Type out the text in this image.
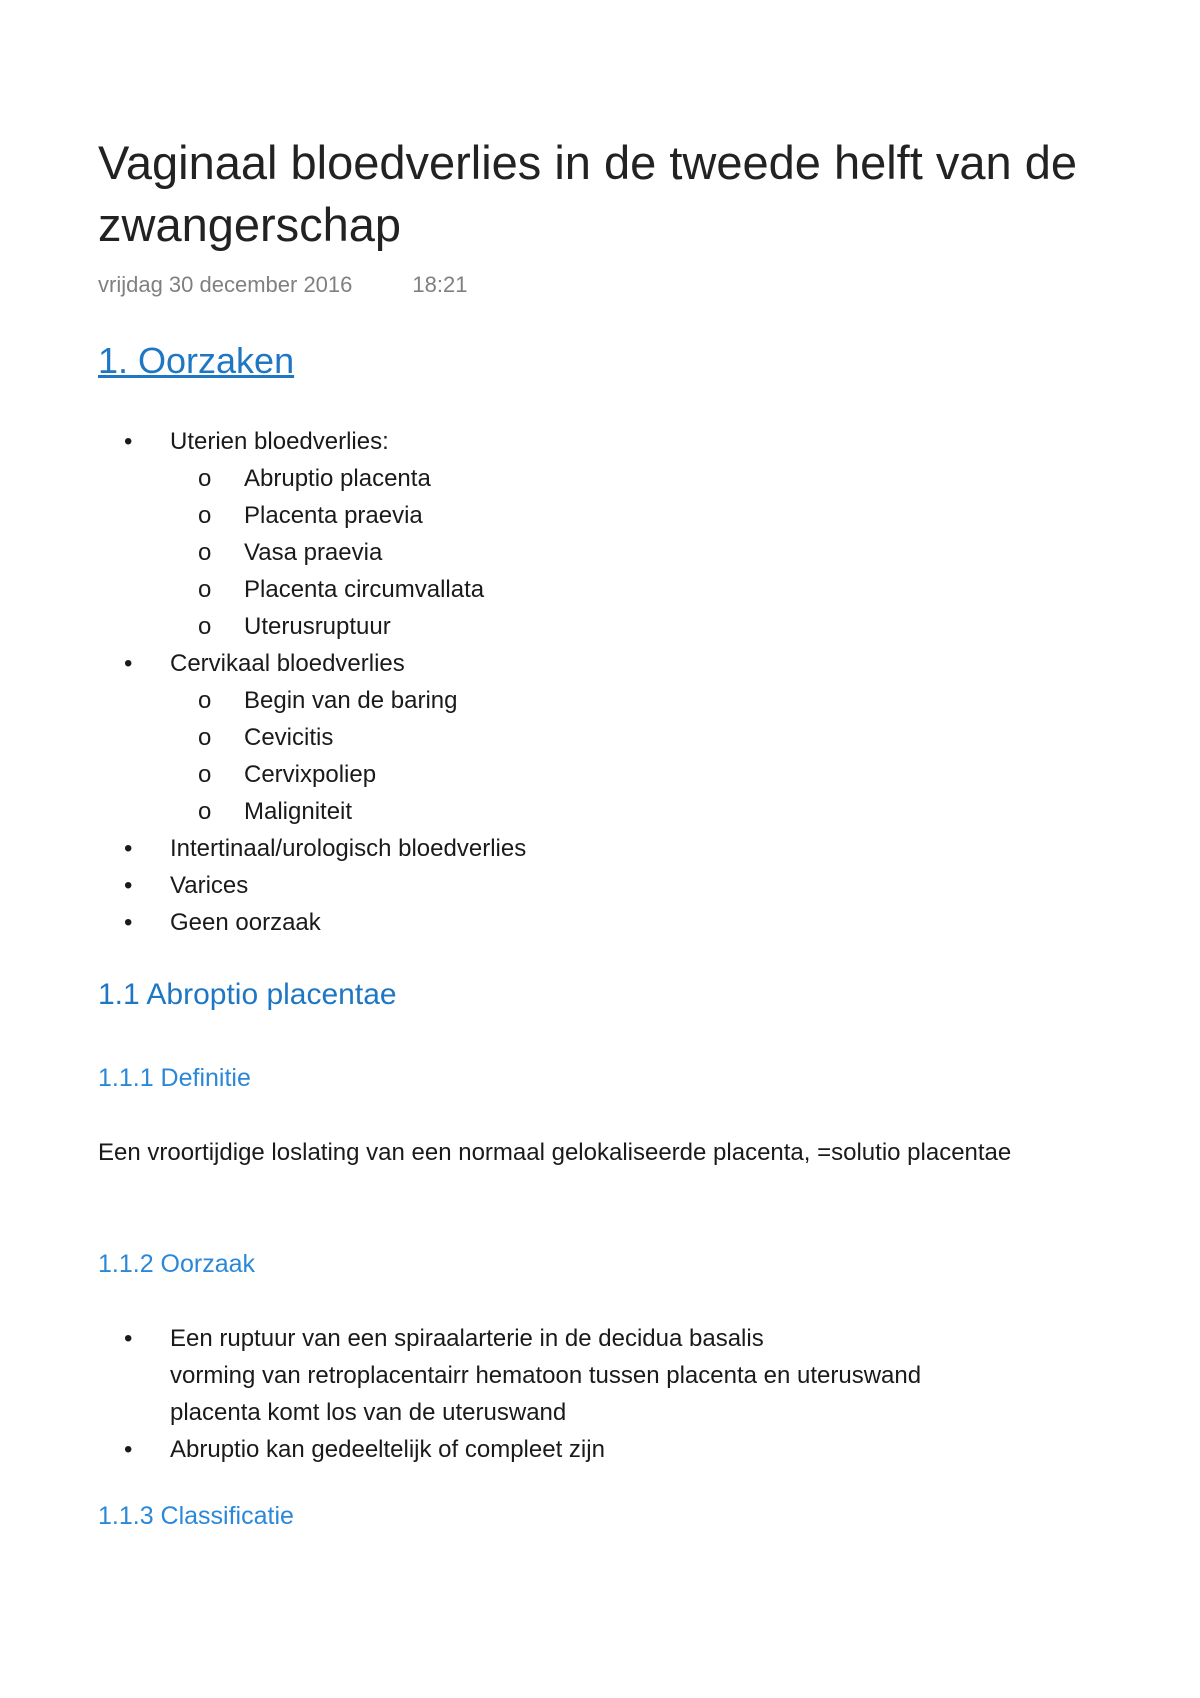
Vaginaal bloedverlies in de tweede helft van de zwangerschap
vrijdag 30 december 2016	18:21
1. Oorzaken
• Uterien bloedverlies:
o Abruptio placenta
o Placenta praevia
o Vasa praevia
o Placenta circumvallata
o Uterusruptuur
• Cervikaal bloedverlies
o Begin van de baring
o Cevicitis
o Cervixpoliep
o Maligniteit
• Intertinaal/urologisch bloedverlies
• Varices
• Geen oorzaak
1.1 Abroptio placentae
1.1.1 Definitie

Een vroortijdige loslating van een normaal gelokaliseerde placenta, =solutio placentae

1.1.2 Oorzaak
• Een ruptuur van een spiraalarterie in de decidua basalis
vorming van retroplacentairr hematoon tussen placenta en uteruswand
placenta komt los van de uteruswand
• Abruptio kan gedeeltelijk of compleet zijn
1.1.3 Classificatie
